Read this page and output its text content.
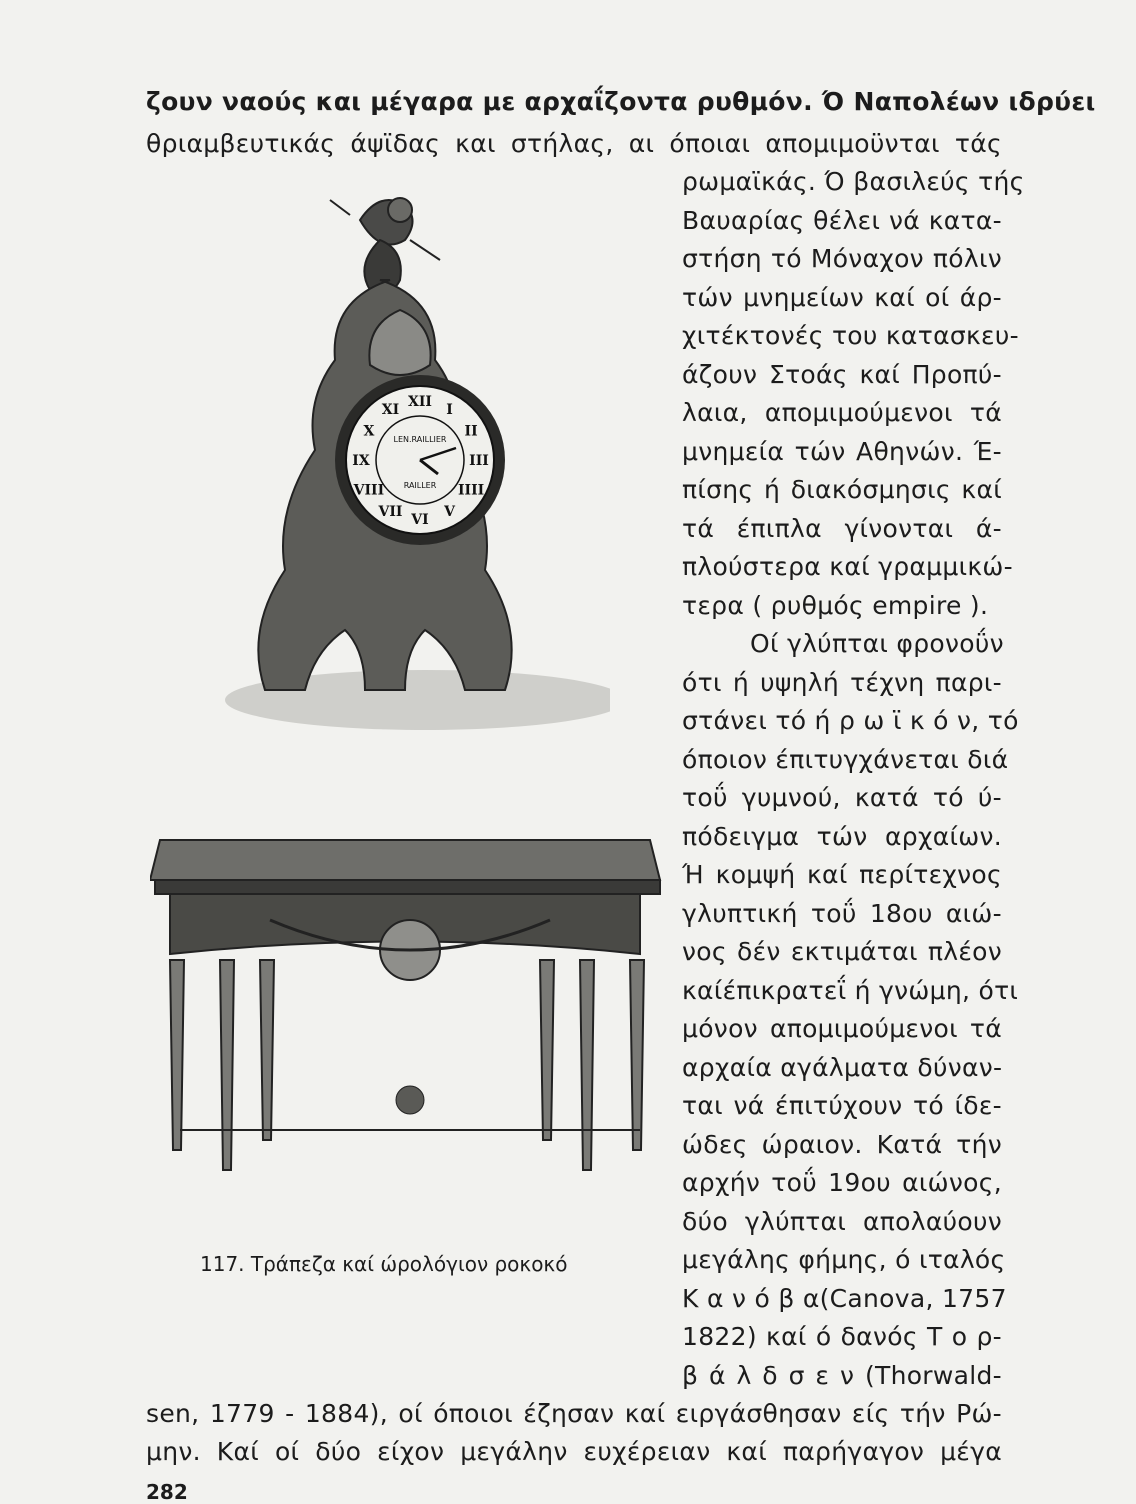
ζουν ναούς και μέγαρα με αρχαΐζοντα ρυθμόν. Ό Ναπολέων ιδρύει
θριαμβευτικάς άψϊδας και στήλας, αι όποιαι απομιμοϋνται τάς
ρωμαϊκάς. Ό βασιλεύς τής
Βαυαρίας θέλει νά κατα-
στήση τό Μόναχον πόλιν
τών μνημείων καί οί άρ-
χιτέκτονές του κατασκευ-
άζουν Στοάς καί Προπύ-
λαια, απομιμούμενοι τά
μνημεία τών Αθηνών. Έ-
πίσης ή διακόσμησις καί
τά έπιπλα γίνονται ά-
πλούστερα καί γραμμικώ-
τερα ( ρυθμός empire ).
Οί γλύπται φρονοΰν
ότι ή υψηλή τέχνη παρι-
στάνει τό ή ρ ω ϊ κ ό ν, τό
όποιον έπιτυγχάνεται διά
τοΰ γυμνού, κατά τό ύ-
πόδειγμα τών αρχαίων.
Ή κομψή καί περίτεχνος
γλυπτική τοΰ 18ου αιώ-
νος δέν εκτιμάται πλέον
καίέπικρατεΐ ή γνώμη, ότι
μόνον απομιμούμενοι τά
αρχαία αγάλματα δύναν-
ται νά έπιτύχουν τό ίδε-
ώδες ώραιον. Κατά τήν
αρχήν τοΰ 19ου αιώνος,
δύο γλύπται απολαύουν
μεγάλης φήμης, ό ιταλός
Κ α ν ό β α(Canova, 1757
1822) καί ό δανός Τ ο ρ-
β ά λ δ σ ε ν (Thorwald-
XII I
II
III
IIII
V
VI
VII
VIII
IX
X
XI
LEN.RAILLIER
RAILLER
117. Τράπεζα καί ώρολόγιον ροκοκό
282
sen, 1779 - 1884), οί όποιοι έζησαν καί ειργάσθησαν είς τήν Ρώ-
μην. Καί οί δύο είχον μεγάλην ευχέρειαν καί παρήγαγον μέγα
